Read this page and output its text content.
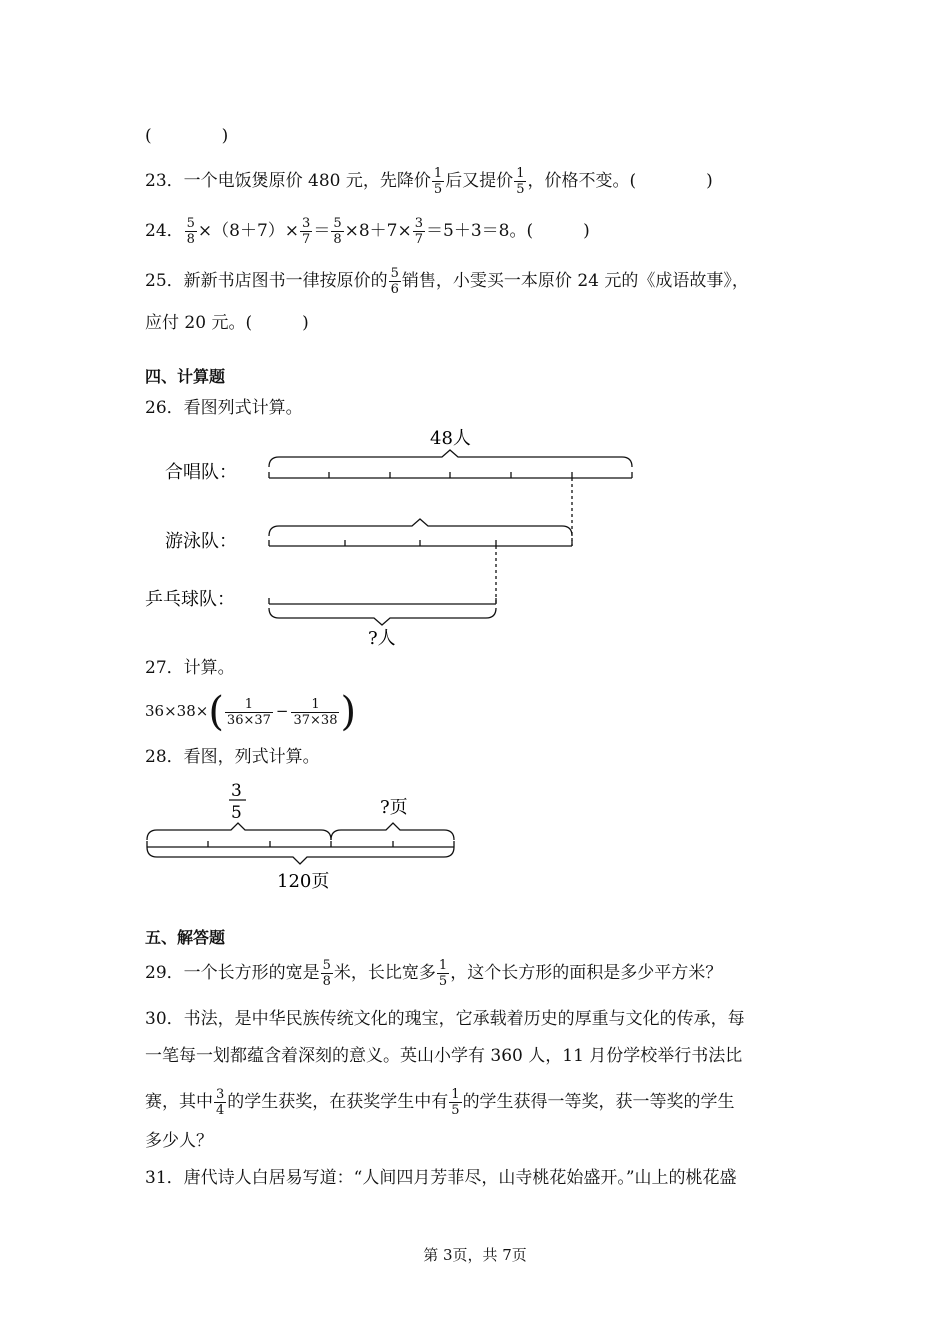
(	)
23．一个电饭煲原价 480 元，先降价 $\frac{1}{5}$ 后又提价 $\frac{1}{5}$ ，价格不变。(	)
24． $\frac{5}{8} \times(8+7)\times \frac{3}{7} = \frac{5}{8} \times 8+7\times \frac{3}{7} =5+3=8$。(	)
25．新新书店图书一律按原价的 $\frac{5}{6}$ 销售，小雯买一本原价 24 元的《成语故事》，
应付 20 元。(	)
四、计算题
26．看图列式计算。
48人
合唱队：
游泳队：
乒乓球队：
?人
27．计算。
$36\times 38\times( \frac{1}{36\times 37} - \frac{1}{37\times 38}$ )
28．看图，列式计算。
3
5	?页
120页
五、解答题
29．一个长方形的宽是 $\frac{5}{8}$ 米，长比宽多 $\frac{1}{5}$ ，这个长方形的面积是多少平方米？
30．书法，是中华民族传统文化的瑰宝，它承载着历史的厚重与文化的传承，每
一笔每一划都蕴含着深刻的意义。英山小学有 360 人，11 月份学校举行书法比
赛，其中 $\frac{3}{4}$ 的学生获奖，在获奖学生中有 $\frac{1}{5}$ 的学生获得一等奖，获一等奖的学生
多少人？
31．唐代诗人白居易写道：“人间四月芳菲尽，山寺桃花始盛开。”山上的桃花盛
第 3页，共 7页
